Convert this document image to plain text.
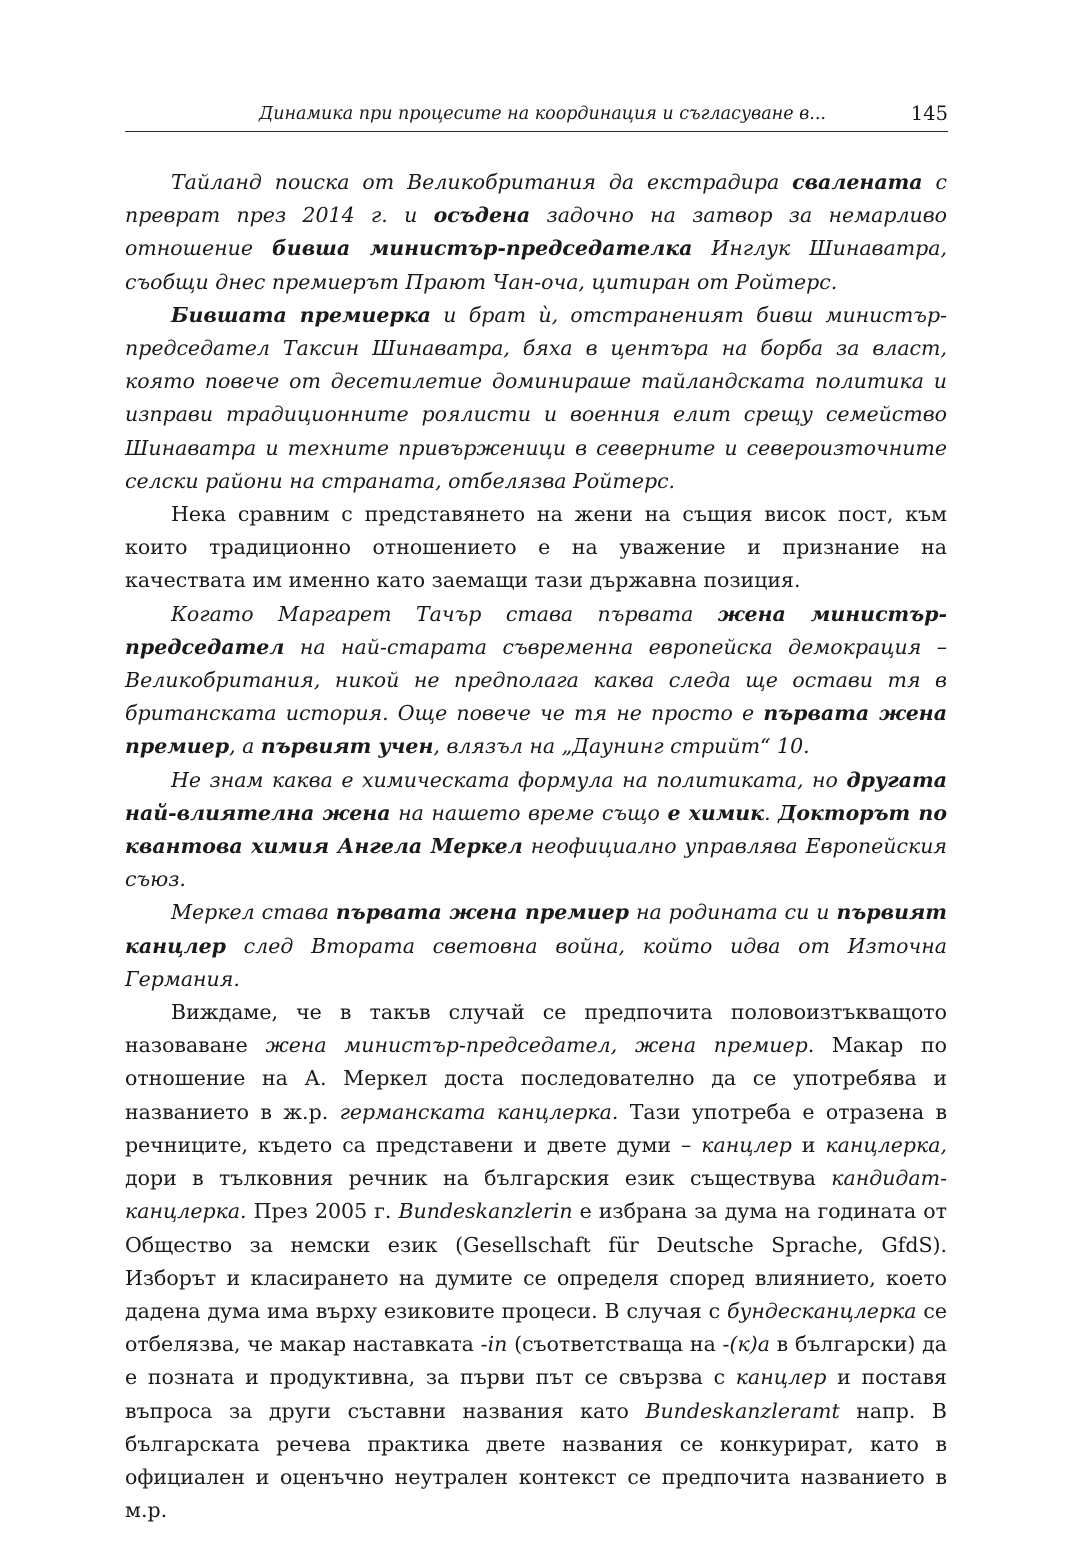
Динамика при процесите на координация и съгласуване в...	145

Тайланд поиска от Великобритания да екстрадира сваленaта с преврат през 2014 г. и осъдена задочно на затвор за немарливо отношение бивша министър-председателка Инглук Шинаватра, съобщи днес премиерът Прают Чан-оча, цитиран от Ройтерс.

Бившата премиерка и брат ѝ, отстраненият бивш министър-председател Таксин Шинаватра, бяха в центъра на борба за власт, която повече от десетилетие доминираше тайландската политика и изправи традиционните роялисти и военния елит срещу семейство Шинаватра и техните привърженици в северните и североизточните селски райони на страната, отбелязва Ройтерс.

Нека сравним с представянето на жени на същия висок пост, към които традиционно отношението е на уважение и признание на качествата им именно като заемащи тази държавна позиция.

Когато Маргарет Тачър става първата жена министър-председател на най-старата съвременна европейска демокрация – Великобритания, никой не предполага каква следа ще остави тя в британската история. Още повече че тя не просто е първата жена премиер, а първият учен, влязъл на „Даунинг стрийт“ 10.

Не знам каква е химическата формула на политиката, но другата най-влиятелна жена на нашето време също е химик. Докторът по квантова химия Ангела Меркел неофициално управлява Европейския съюз.

Меркел става първата жена премиер на родината си и първият канцлер след Втората световна война, който идва от Източна Германия.

Виждаме, че в такъв случай се предпочита половоизтъкващото назоваване жена министър-председател, жена премиер. Макар по отношение на А. Меркел доста последователно да се употребява и названието в ж.р. германската канцлерка. Тази употреба е отразена в речниците, където са представени и двете думи – канцлер и канцлерка, дори в тълковния речник на българския език съществува кандидат-канцлерка. През 2005 г. Bundeskanzlerin е избрана за дума на годината от Общество за немски език (Gesellschaft für Deutsche Sprache, GfdS). Изборът и класирането на думите се определя според влиянието, което дадена дума има върху езиковите процеси. В случая с бундесканцлерка се отбелязва, че макар наставката -in (съответстваща на -(к)а в български) да е позната и продуктивна, за първи път се свързва с канцлер и поставя въпроса за други съставни названия като Bundeskanzleramt напр. В българската речева практика двете названия се конкурират, като в официален и оценъчно неутрален контекст се предпочита названието в м.р.
